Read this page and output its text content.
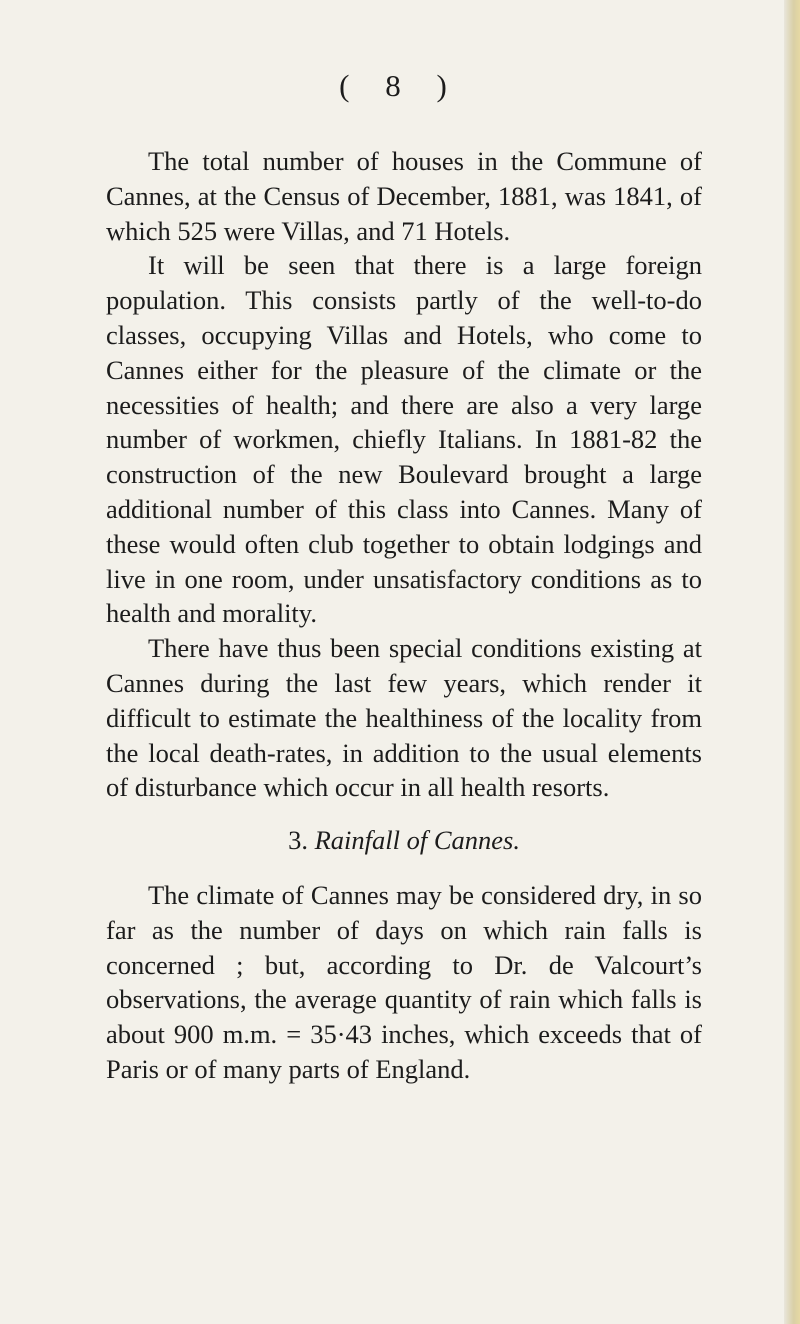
( 8 )

The total number of houses in the Commune of Cannes, at the Census of December, 1881, was 1841, of which 525 were Villas, and 71 Hotels.

It will be seen that there is a large foreign population. This consists partly of the well-to-do classes, occupying Villas and Hotels, who come to Cannes either for the pleasure of the climate or the necessities of health; and there are also a very large number of workmen, chiefly Italians. In 1881-82 the construction of the new Boulevard brought a large additional number of this class into Cannes. Many of these would often club together to obtain lodgings and live in one room, under unsatisfactory conditions as to health and morality.

There have thus been special conditions existing at Cannes during the last few years, which render it difficult to estimate the healthiness of the locality from the local death-rates, in addition to the usual elements of disturbance which occur in all health resorts.

3. Rainfall of Cannes.

The climate of Cannes may be considered dry, in so far as the number of days on which rain falls is concerned ; but, according to Dr. de Valcourt’s observations, the average quantity of rain which falls is about 900 m.m. = 35·43 inches, which exceeds that of Paris or of many parts of England.
